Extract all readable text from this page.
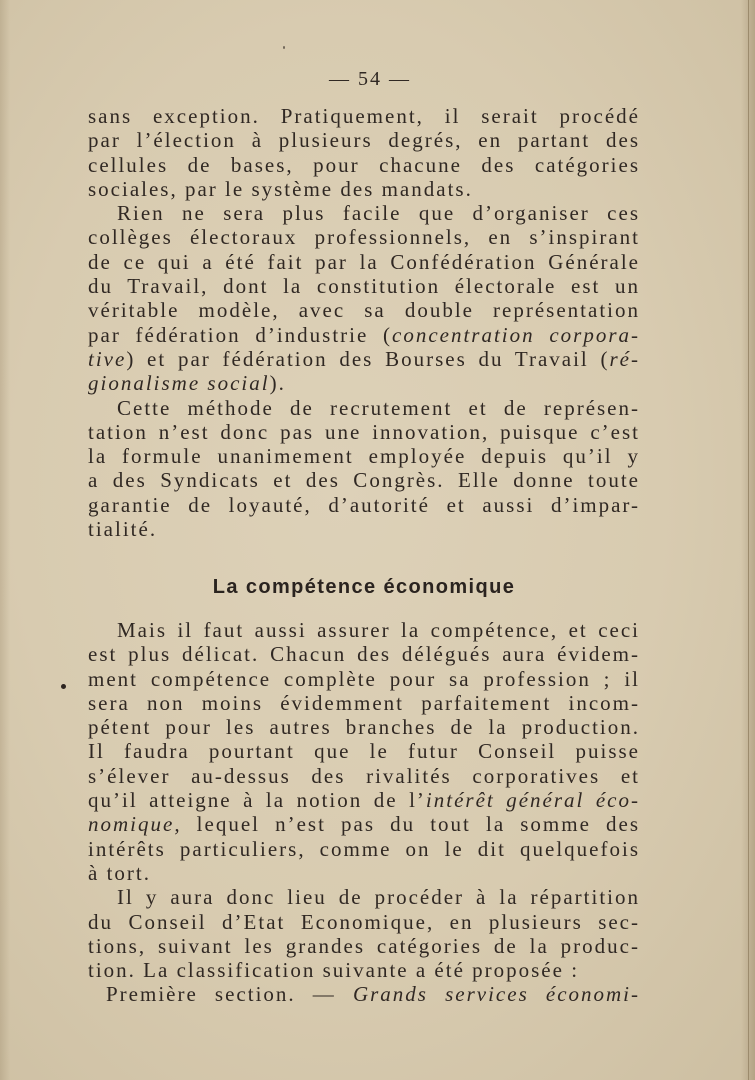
— 54 —
sans exception. Pratiquement, il serait procédé
par l’élection à plusieurs degrés, en partant des
cellules de bases, pour chacune des catégories
sociales, par le système des mandats.
Rien ne sera plus facile que d’organiser ces
collèges électoraux professionnels, en s’inspirant
de ce qui a été fait par la Confédération Générale
du Travail, dont la constitution électorale est un
véritable modèle, avec sa double représentation
par fédération d’industrie (concentration corpora-
tive) et par fédération des Bourses du Travail (ré-
gionalisme social).
Cette méthode de recrutement et de représen-
tation n’est donc pas une innovation, puisque c’est
la formule unanimement employée depuis qu’il y
a des Syndicats et des Congrès. Elle donne toute
garantie de loyauté, d’autorité et aussi d’impar-
tialité.
La compétence économique
Mais il faut aussi assurer la compétence, et ceci
est plus délicat. Chacun des délégués aura évidem-
ment compétence complète pour sa profession ; il
sera non moins évidemment parfaitement incom-
pétent pour les autres branches de la production.
Il faudra pourtant que le futur Conseil puisse
s’élever au-dessus des rivalités corporatives et
qu’il atteigne à la notion de l’intérêt général éco-
nomique, lequel n’est pas du tout la somme des
intérêts particuliers, comme on le dit quelquefois
à tort.
Il y aura donc lieu de procéder à la répartition
du Conseil d’Etat Economique, en plusieurs sec-
tions, suivant les grandes catégories de la produc-
tion. La classification suivante a été proposée :
Première section. — Grands services économi-
